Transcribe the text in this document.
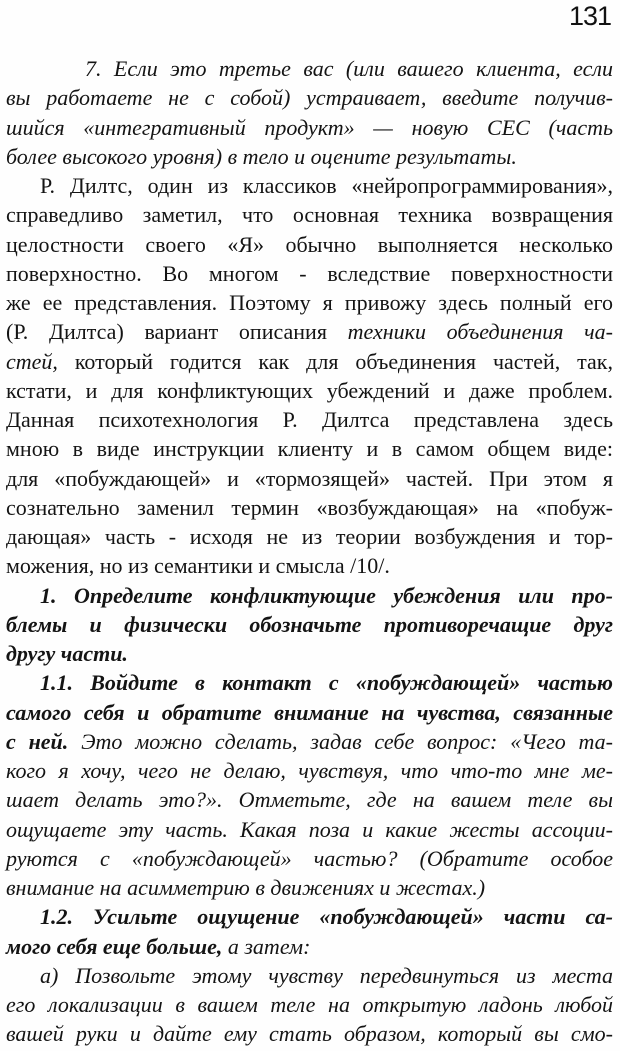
131
7. Если это третье вас (или вашего клиента, если
вы работаете не с собой) устраивает, введите получив-
шийся «интегративный продукт» — новую СЕС (часть
более высокого уровня) в тело и оцените результаты.
Р. Дилтс, один из классиков «нейропрограммирования»,
справедливо заметил, что основная техника возвращения
целостности своего «Я» обычно выполняется несколько
поверхностно. Во многом - вследствие поверхностности
же ее представления. Поэтому я привожу здесь полный его
(Р. Дилтса) вариант описания техники объединения ча-
стей, который годится как для объединения частей, так,
кстати, и для конфликтующих убеждений и даже проблем.
Данная психотехнология Р. Дилтса представлена здесь
мною в виде инструкции клиенту и в самом общем виде:
для «побуждающей» и «тормозящей» частей. При этом я
сознательно заменил термин «возбуждающая» на «побуж-
дающая» часть - исходя не из теории возбуждения и тор-
можения, но из семантики и смысла /10/.
1. Определите конфликтующие убеждения или про-
блемы и физически обозначьте противоречащие друг
другу части.
1.1. Войдите в контакт с «побуждающей» частью
самого себя и обратите внимание на чувства, связанные
с ней. Это можно сделать, задав себе вопрос: «Чего та-
кого я хочу, чего не делаю, чувствуя, что что-то мне ме-
шает делать это?». Отметьте, где на вашем теле вы
ощущаете эту часть. Какая поза и какие жесты ассоции-
руются с «побуждающей» частью? (Обратите особое
внимание на асимметрию в движениях и жестах.)
1.2. Усильте ощущение «побуждающей» части са-
мого себя еще больше, а затем:
а) Позвольте этому чувству передвинуться из места
его локализации в вашем теле на открытую ладонь любой
вашей руки и дайте ему стать образом, который вы смо-
